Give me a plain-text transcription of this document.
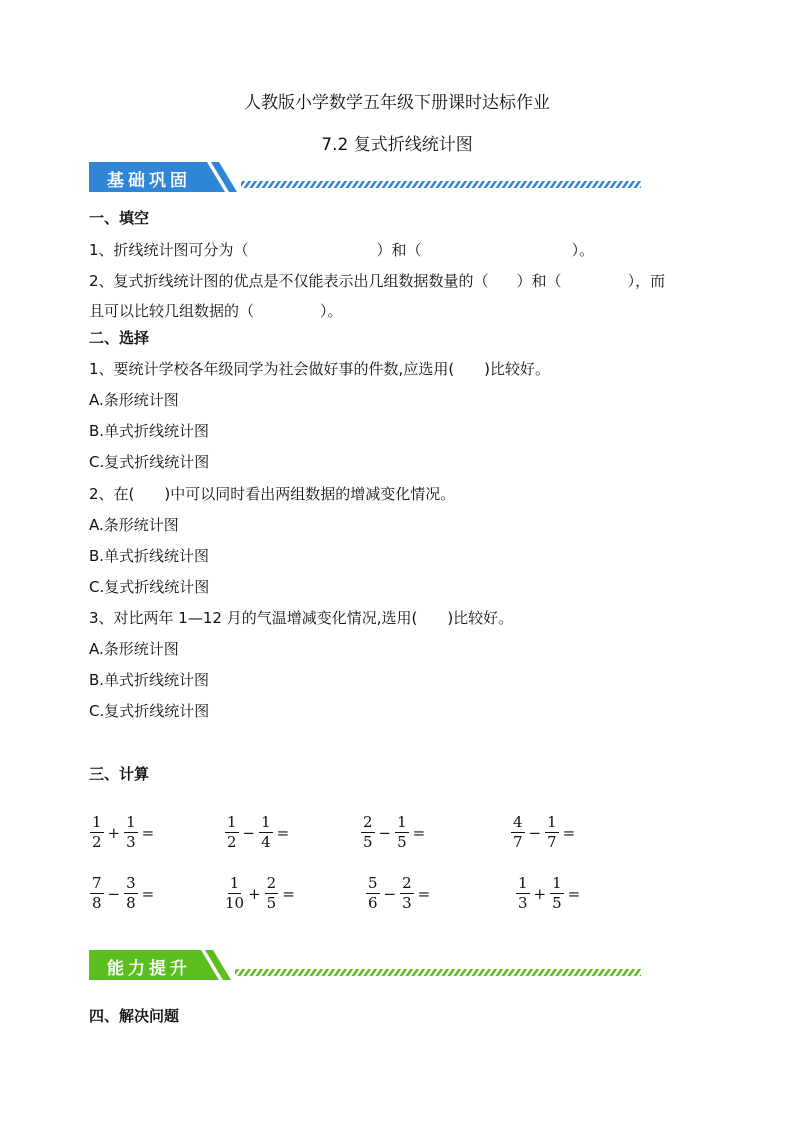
人教版小学数学五年级下册课时达标作业
7.2 复式折线统计图
基础巩固
一、填空
1、折线统计图可分为（	）和（	）。
2、复式折线统计图的优点是不仅能表示出几组数据数量的（ ）和（	），而
且可以比较几组数据的（	）。
二、选择
1、要统计学校各年级同学为社会做好事的件数,应选用(　　)比较好。
A.条形统计图
B.单式折线统计图
C.复式折线统计图
2、在(　　)中可以同时看出两组数据的增减变化情况。
A.条形统计图
B.单式折线统计图
C.复式折线统计图
3、对比两年 1—12 月的气温增减变化情况,选用(　　)比较好。
A.条形统计图
B.单式折线统计图
C.复式折线统计图
三、计算
$\frac{1}{2} + \frac{1}{3}$ =	$\frac{1}{2} - \frac{1}{4}$ =	$\frac{2}{5} - \frac{1}{5}$ =	$\frac{4}{7} - \frac{1}{7}$ =
$\frac{7}{8} - \frac{3}{8}$ =	$\frac{1}{10} + \frac{2}{5}$ =	$\frac{5}{6} - \frac{2}{3}$ =	$\frac{1}{3} + \frac{1}{5}$ =
能力提升
四、解决问题
